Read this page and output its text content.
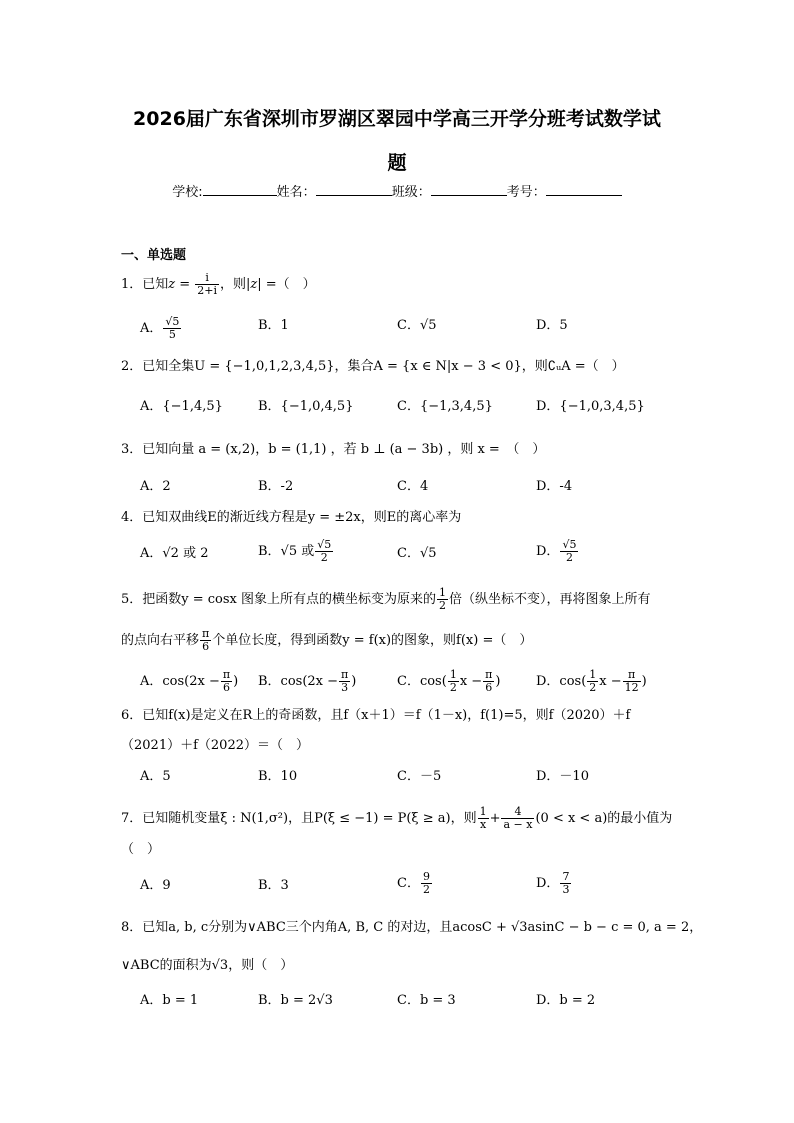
2026届广东省深圳市罗湖区翠园中学高三开学分班考试数学试
题
学校:	姓名：	班级：	考号：
一、单选题
1．已知$z = \frac{i}{2+i}$ ，则|z| =（　）
A． $\frac{√5}{5}$	B．1	C．√5	D．5
2．已知全集U = {−1,0,1,2,3,4,5}，集合A = {x ∈ N|x − 3 < 0}，则∁ᵤA =（　）
A．{−1,4,5}	B．{−1,0,4,5}	C．{−1,3,4,5}	D．{−1,0,3,4,5}
3．已知向量 a = (x,2)，b = (1,1) ，若 b ⊥ (a − 3b) ，则 x =　（　）
A．2	B．-2	C．4	D．-4
4．已知双曲线E的渐近线方程是y = ±2x，则E的离心率为
A．√2 或 2	B．√5 或 $\frac{√5}{2}$	C．√5	D． $\frac{√5}{2}$
5．把函数y = cosx 图象上所有点的横坐标变为原来的 $\frac{1}{2}$ 倍（纵坐标不变），再将图象上所有
的点向右平移 $\frac{\pi}{6}$ 个单位长度，得到函数y = f(x)的图象，则f(x) =（　）
A．$\cos(2x - \frac{\pi}{6}$ ) B．$\cos(2x - \frac{\pi}{3}$ )	C．$\cos( \frac{1}{2}$ $x - \frac{\pi}{6}$ )	D．$\cos( \frac{1}{2}$ $x - \frac{\pi}{12}$ )
6．已知f(x)是定义在R上的奇函数，且f（x＋1）＝f（1－x)，f(1)=5，则f（2020）＋f
（2021）＋f（2022）＝（　）
A．5	B．10	C．－5	D．－10
7．已知随机变量ξ : N(1,σ²)，且P(ξ ≤ −1) = P(ξ ≥ a)，则 $\frac{1}{x} + \frac{4}{a - x} (0 < x < a)$的最小值为
（　）
A．9	B．3	C． $\frac{9}{2}$	D． $\frac{7}{3}$
8．已知a, b, c分别为∨ABC三个内角A, B, C 的对边，且acosC + √3asinC − b − c = 0, a = 2，
∨ABC的面积为√3，则（　）
A．b = 1	B．b = 2√3	C．b = 3	D．b = 2
